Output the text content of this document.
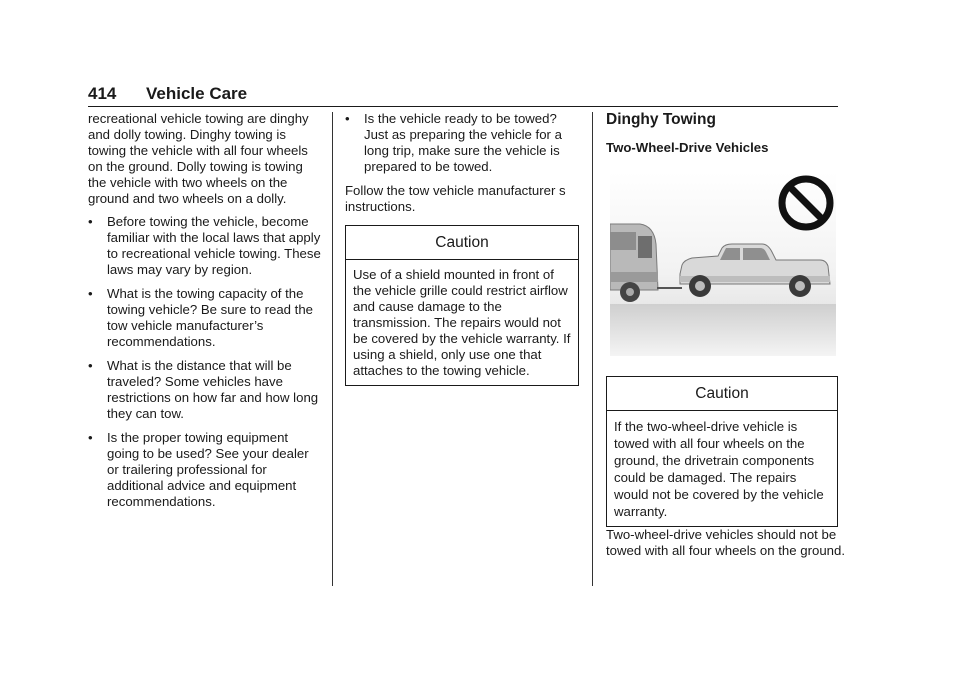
414 Vehicle Care

recreational vehicle towing are dinghy and dolly towing. Dinghy towing is towing the vehicle with all four wheels on the ground. Dolly towing is towing the vehicle with two wheels on the ground and two wheels on a dolly.

• Before towing the vehicle, become familiar with the local laws that apply to recreational vehicle towing. These laws may vary by region.
• What is the towing capacity of the towing vehicle? Be sure to read the tow vehicle manufacturer’s recommendations.
• What is the distance that will be traveled? Some vehicles have restrictions on how far and how long they can tow.
• Is the proper towing equipment going to be used? See your dealer or trailering professional for additional advice and equipment recommendations.
• Is the vehicle ready to be towed? Just as preparing the vehicle for a long trip, make sure the vehicle is prepared to be towed.

Follow the tow vehicle manufacturer s instructions.

Caution
Use of a shield mounted in front of the vehicle grille could restrict airflow and cause damage to the transmission. The repairs would not be covered by the vehicle warranty. If using a shield, only use one that attaches to the towing vehicle.
Dinghy Towing
Two-Wheel-Drive Vehicles
Caution
If the two-wheel-drive vehicle is towed with all four wheels on the ground, the drivetrain components could be damaged. The repairs would not be covered by the vehicle warranty.
Two-wheel-drive vehicles should not be towed with all four wheels on the ground.
